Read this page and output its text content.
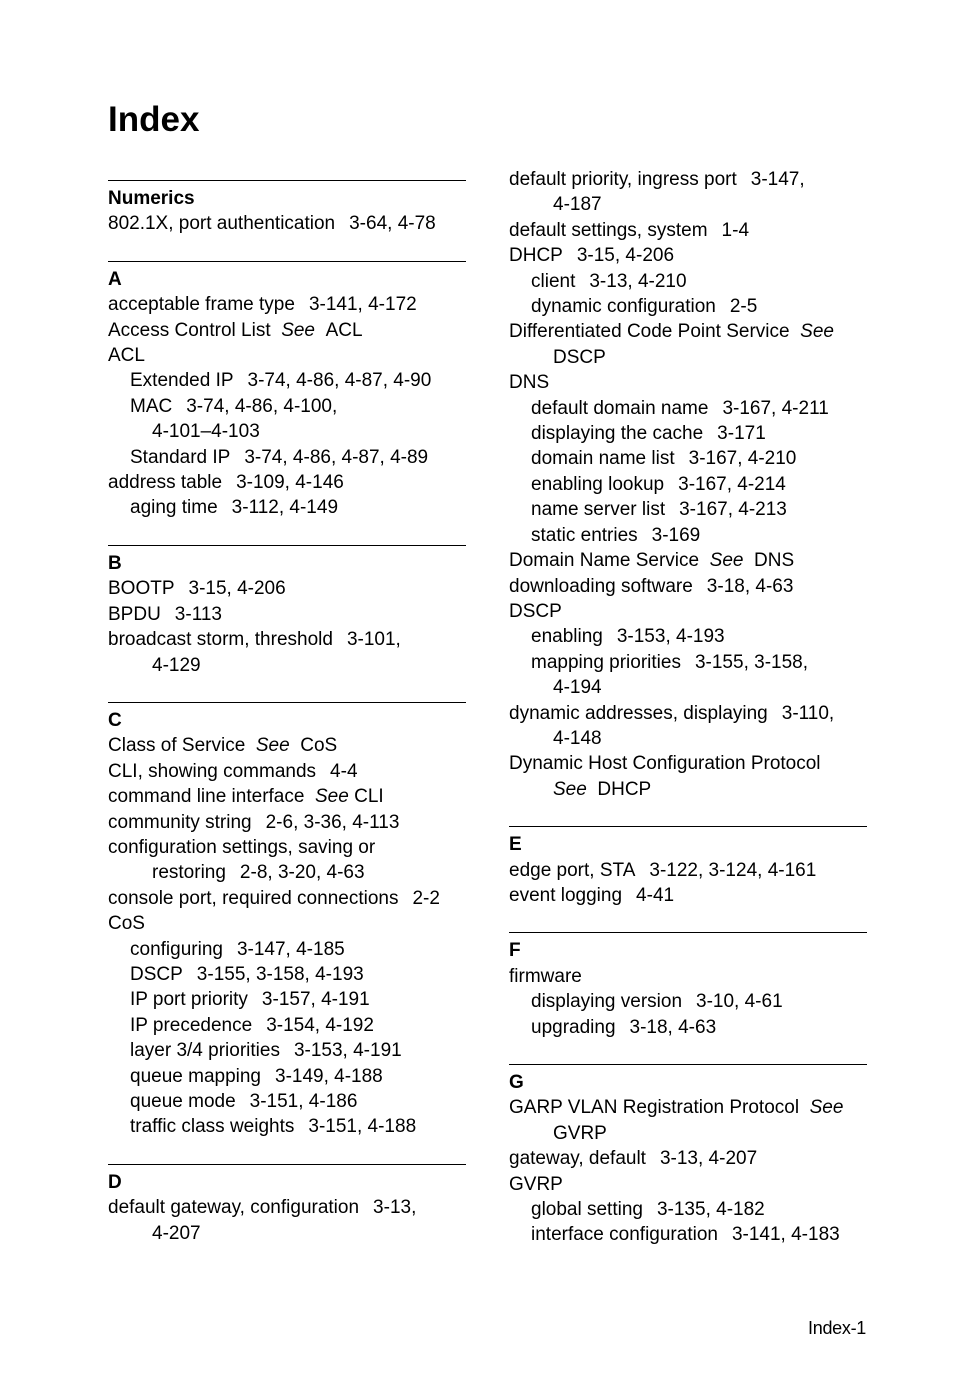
Index
Numerics
802.1X, port authentication 3-64, 4-78
A
acceptable frame type 3-141, 4-172
Access Control List See ACL
ACL
Extended IP 3-74, 4-86, 4-87, 4-90
MAC 3-74, 4-86, 4-100,
4-101–4-103
Standard IP 3-74, 4-86, 4-87, 4-89
address table 3-109, 4-146
aging time 3-112, 4-149
B
BOOTP 3-15, 4-206
BPDU 3-113
broadcast storm, threshold 3-101,
4-129
C
Class of Service See CoS
CLI, showing commands 4-4
command line interface See CLI
community string 2-6, 3-36, 4-113
configuration settings, saving or
restoring 2-8, 3-20, 4-63
console port, required connections 2-2
CoS
configuring 3-147, 4-185
DSCP 3-155, 3-158, 4-193
IP port priority 3-157, 4-191
IP precedence 3-154, 4-192
layer 3/4 priorities 3-153, 4-191
queue mapping 3-149, 4-188
queue mode 3-151, 4-186
traffic class weights 3-151, 4-188
D
default gateway, configuration 3-13,
4-207
default priority, ingress port 3-147,
4-187
default settings, system 1-4
DHCP 3-15, 4-206
client 3-13, 4-210
dynamic configuration 2-5
Differentiated Code Point Service See
DSCP
DNS
default domain name 3-167, 4-211
displaying the cache 3-171
domain name list 3-167, 4-210
enabling lookup 3-167, 4-214
name server list 3-167, 4-213
static entries 3-169
Domain Name Service See DNS
downloading software 3-18, 4-63
DSCP
enabling 3-153, 4-193
mapping priorities 3-155, 3-158,
4-194
dynamic addresses, displaying 3-110,
4-148
Dynamic Host Configuration Protocol
See DHCP
E
edge port, STA 3-122, 3-124, 4-161
event logging 4-41
F
firmware
displaying version 3-10, 4-61
upgrading 3-18, 4-63
G
GARP VLAN Registration Protocol See
GVRP
gateway, default 3-13, 4-207
GVRP
global setting 3-135, 4-182
interface configuration 3-141, 4-183
Index-1
